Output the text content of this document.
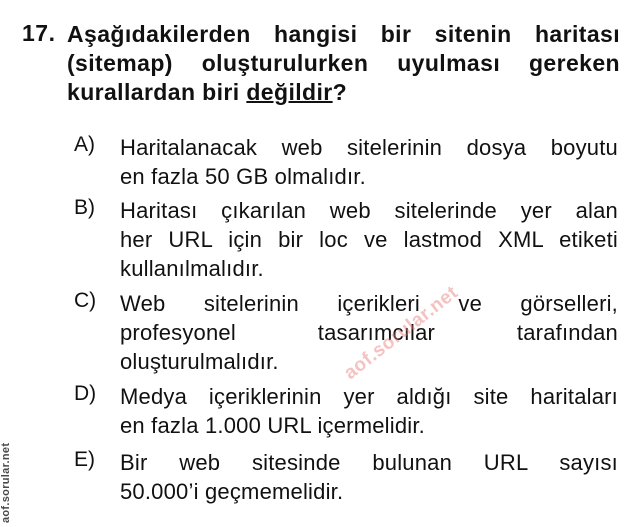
17. Aşağıdakilerden hangisi bir sitenin haritası
(sitemap) oluşturulurken uyulması gereken
kurallardan biri değildir?
A) Haritalanacak web sitelerinin dosya boyutu
en fazla 50 GB olmalıdır.
B) Haritası çıkarılan web sitelerinde yer alan
her URL için bir loc ve lastmod XML etiketi
kullanılmalıdır.
C) Web sitelerinin içerikleri ve görselleri,
profesyonel tasarımcılar tarafından
oluşturulmalıdır.
D) Medya içeriklerinin yer aldığı site haritaları
en fazla 1.000 URL içermelidir.
E) Bir web sitesinde bulunan URL sayısı
50.000’i geçmemelidir.
aof.sorular.net
aof.sorular.net
